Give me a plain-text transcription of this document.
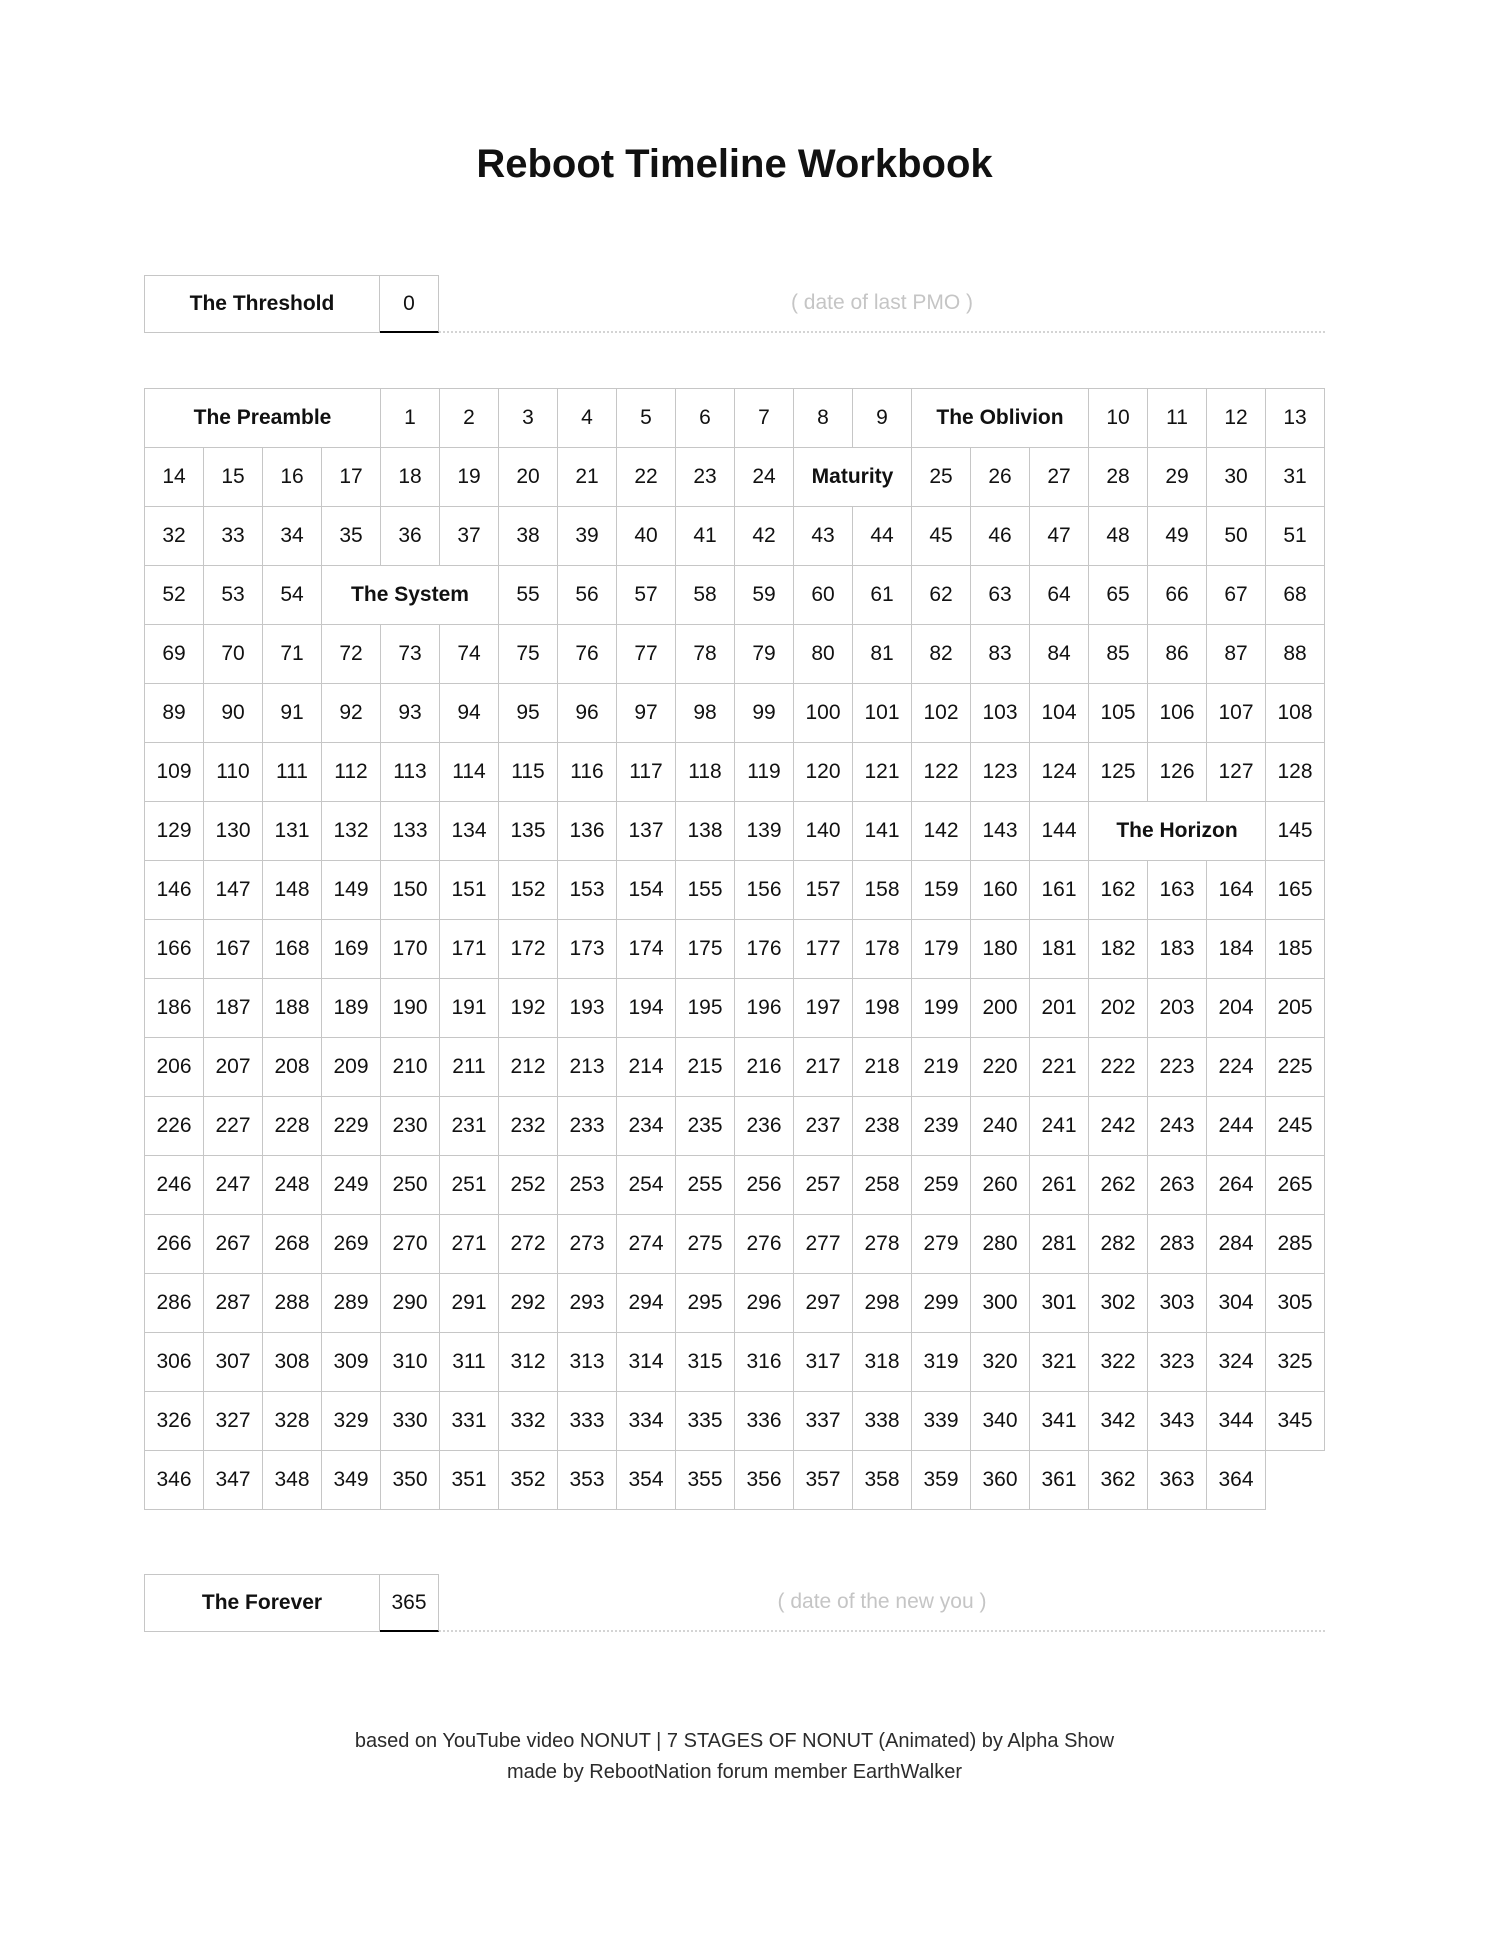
Reboot Timeline Workbook
The Threshold	0	( date of last PMO )
The Preamble	1	2	3	4	5	6	7	8	9	The Oblivion	10	11	12	13
14	15	16	17	18	19	20	21	22	23	24	Maturity	25	26	27	28	29	30	31
32	33	34	35	36	37	38	39	40	41	42	43	44	45	46	47	48	49	50	51
52	53	54	The System	55	56	57	58	59	60	61	62	63	64	65	66	67	68
69	70	71	72	73	74	75	76	77	78	79	80	81	82	83	84	85	86	87	88
89	90	91	92	93	94	95	96	97	98	99	100	101	102	103	104	105	106	107	108
109	110	111	112	113	114	115	116	117	118	119	120	121	122	123	124	125	126	127	128
129	130	131	132	133	134	135	136	137	138	139	140	141	142	143	144	The Horizon	145
146	147	148	149	150	151	152	153	154	155	156	157	158	159	160	161	162	163	164	165
166	167	168	169	170	171	172	173	174	175	176	177	178	179	180	181	182	183	184	185
186	187	188	189	190	191	192	193	194	195	196	197	198	199	200	201	202	203	204	205
206	207	208	209	210	211	212	213	214	215	216	217	218	219	220	221	222	223	224	225
226	227	228	229	230	231	232	233	234	235	236	237	238	239	240	241	242	243	244	245
246	247	248	249	250	251	252	253	254	255	256	257	258	259	260	261	262	263	264	265
266	267	268	269	270	271	272	273	274	275	276	277	278	279	280	281	282	283	284	285
286	287	288	289	290	291	292	293	294	295	296	297	298	299	300	301	302	303	304	305
306	307	308	309	310	311	312	313	314	315	316	317	318	319	320	321	322	323	324	325
326	327	328	329	330	331	332	333	334	335	336	337	338	339	340	341	342	343	344	345
346	347	348	349	350	351	352	353	354	355	356	357	358	359	360	361	362	363	364
The Forever	365	( date of the new you )
based on YouTube video NONUT | 7 STAGES OF NONUT (Animated) by Alpha Show
made by RebootNation forum member EarthWalker
